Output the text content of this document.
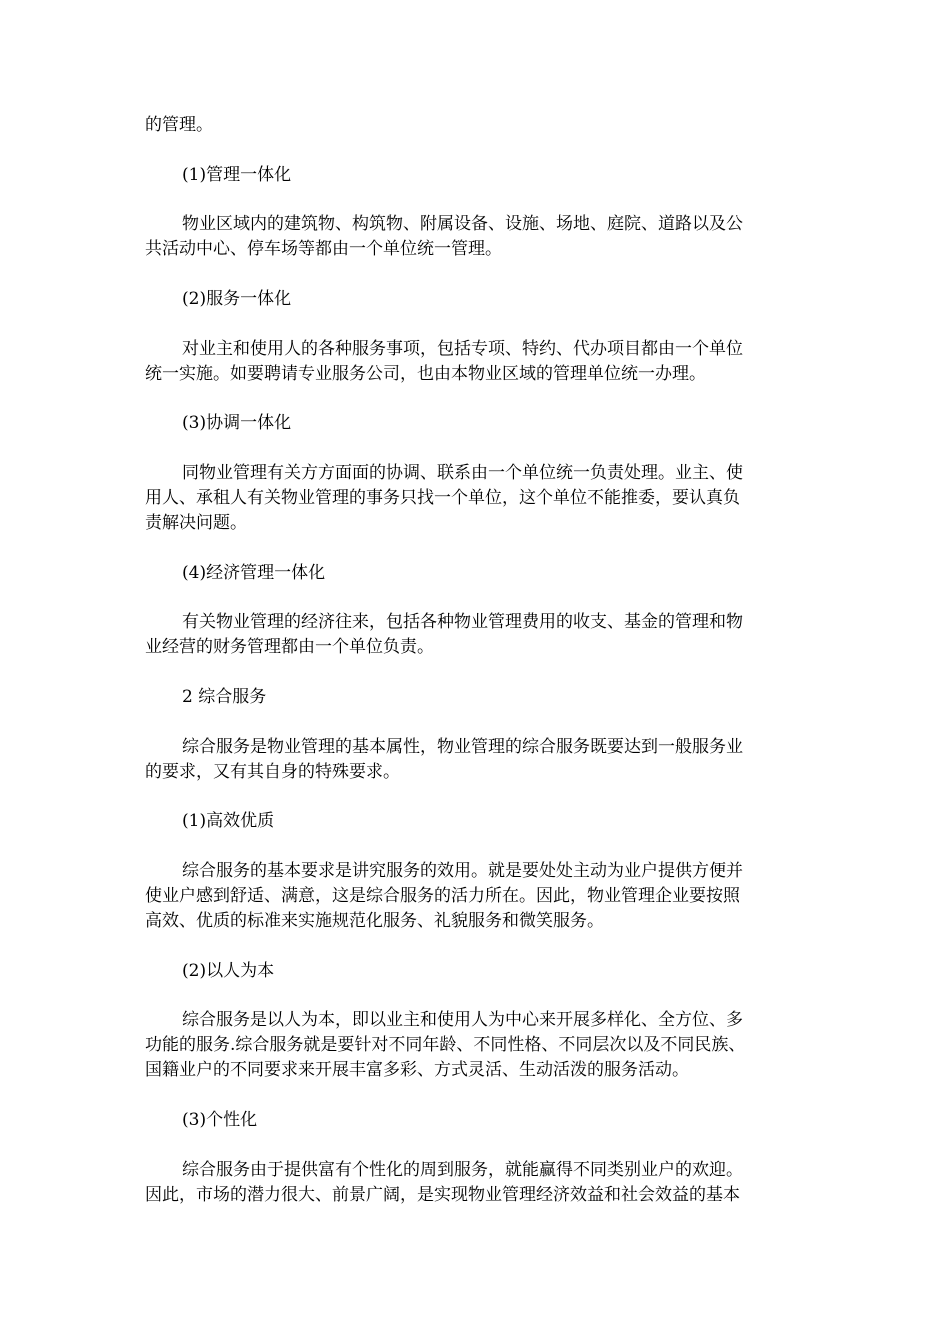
的管理。
(1)管理一体化
物业区域内的建筑物、构筑物、附属设备、设施、场地、庭院、道路以及公
共活动中心、停车场等都由一个单位统一管理。
(2)服务一体化
对业主和使用人的各种服务事项，包括专项、特约、代办项目都由一个单位
统一实施。如要聘请专业服务公司，也由本物业区域的管理单位统一办理。
(3)协调一体化
同物业管理有关方方面面的协调、联系由一个单位统一负责处理。业主、使
用人、承租人有关物业管理的事务只找一个单位，这个单位不能推委，要认真负
责解决问题。
(4)经济管理一体化
有关物业管理的经济往来，包括各种物业管理费用的收支、基金的管理和物
业经营的财务管理都由一个单位负责。
2 综合服务
综合服务是物业管理的基本属性，物业管理的综合服务既要达到一般服务业
的要求，又有其自身的特殊要求。
(1)高效优质
综合服务的基本要求是讲究服务的效用。就是要处处主动为业户提供方便并
使业户感到舒适、满意，这是综合服务的活力所在。因此，物业管理企业要按照
高效、优质的标准来实施规范化服务、礼貌服务和微笑服务。
(2)以人为本
综合服务是以人为本，即以业主和使用人为中心来开展多样化、全方位、多
功能的服务.综合服务就是要针对不同年龄、不同性格、不同层次以及不同民族、
国籍业户的不同要求来开展丰富多彩、方式灵活、生动活泼的服务活动。
(3)个性化
综合服务由于提供富有个性化的周到服务，就能赢得不同类别业户的欢迎。
因此，市场的潜力很大、前景广阔，是实现物业管理经济效益和社会效益的基本
